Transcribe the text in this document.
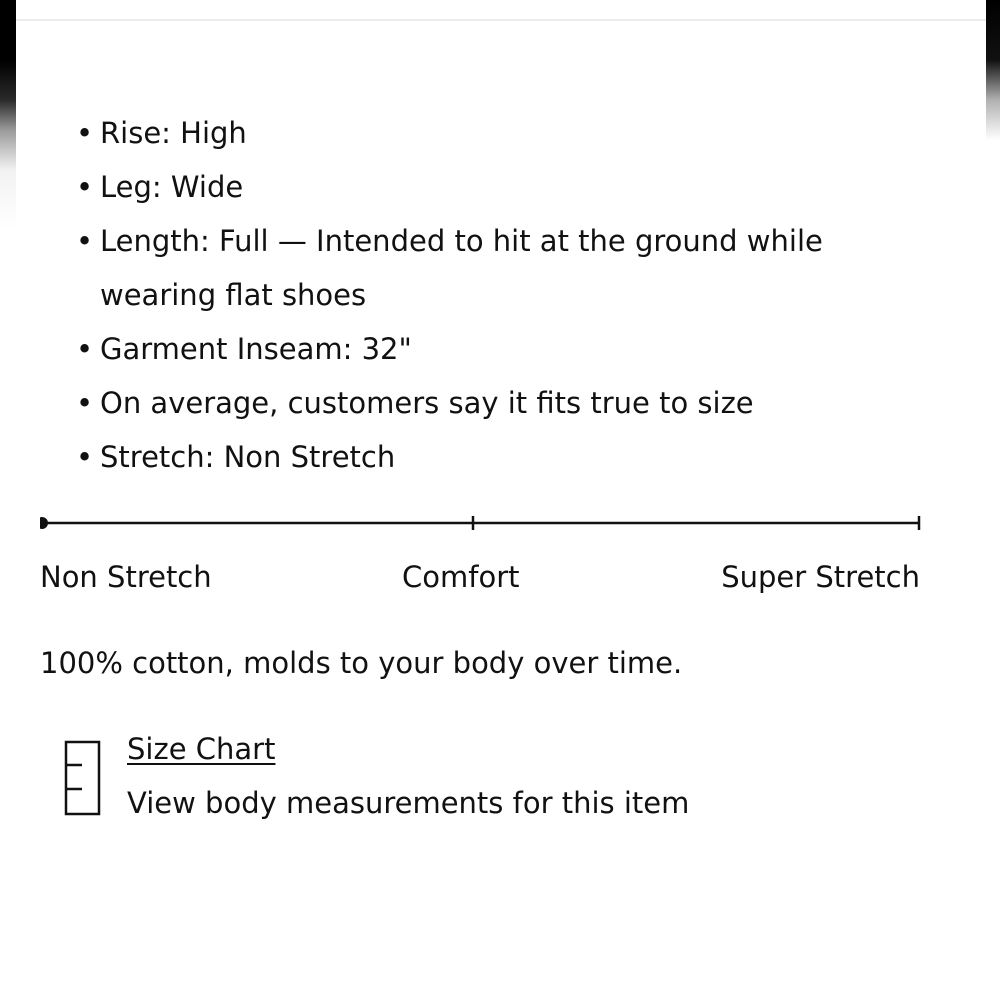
• Rise: High
• Leg: Wide
• Length: Full — Intended to hit at the ground while wearing flat shoes
• Garment Inseam: 32"
• On average, customers say it fits true to size
• Stretch: Non Stretch
Non Stretch	Comfort	Super Stretch
100% cotton, molds to your body over time.
Size Chart
View body measurements for this item
